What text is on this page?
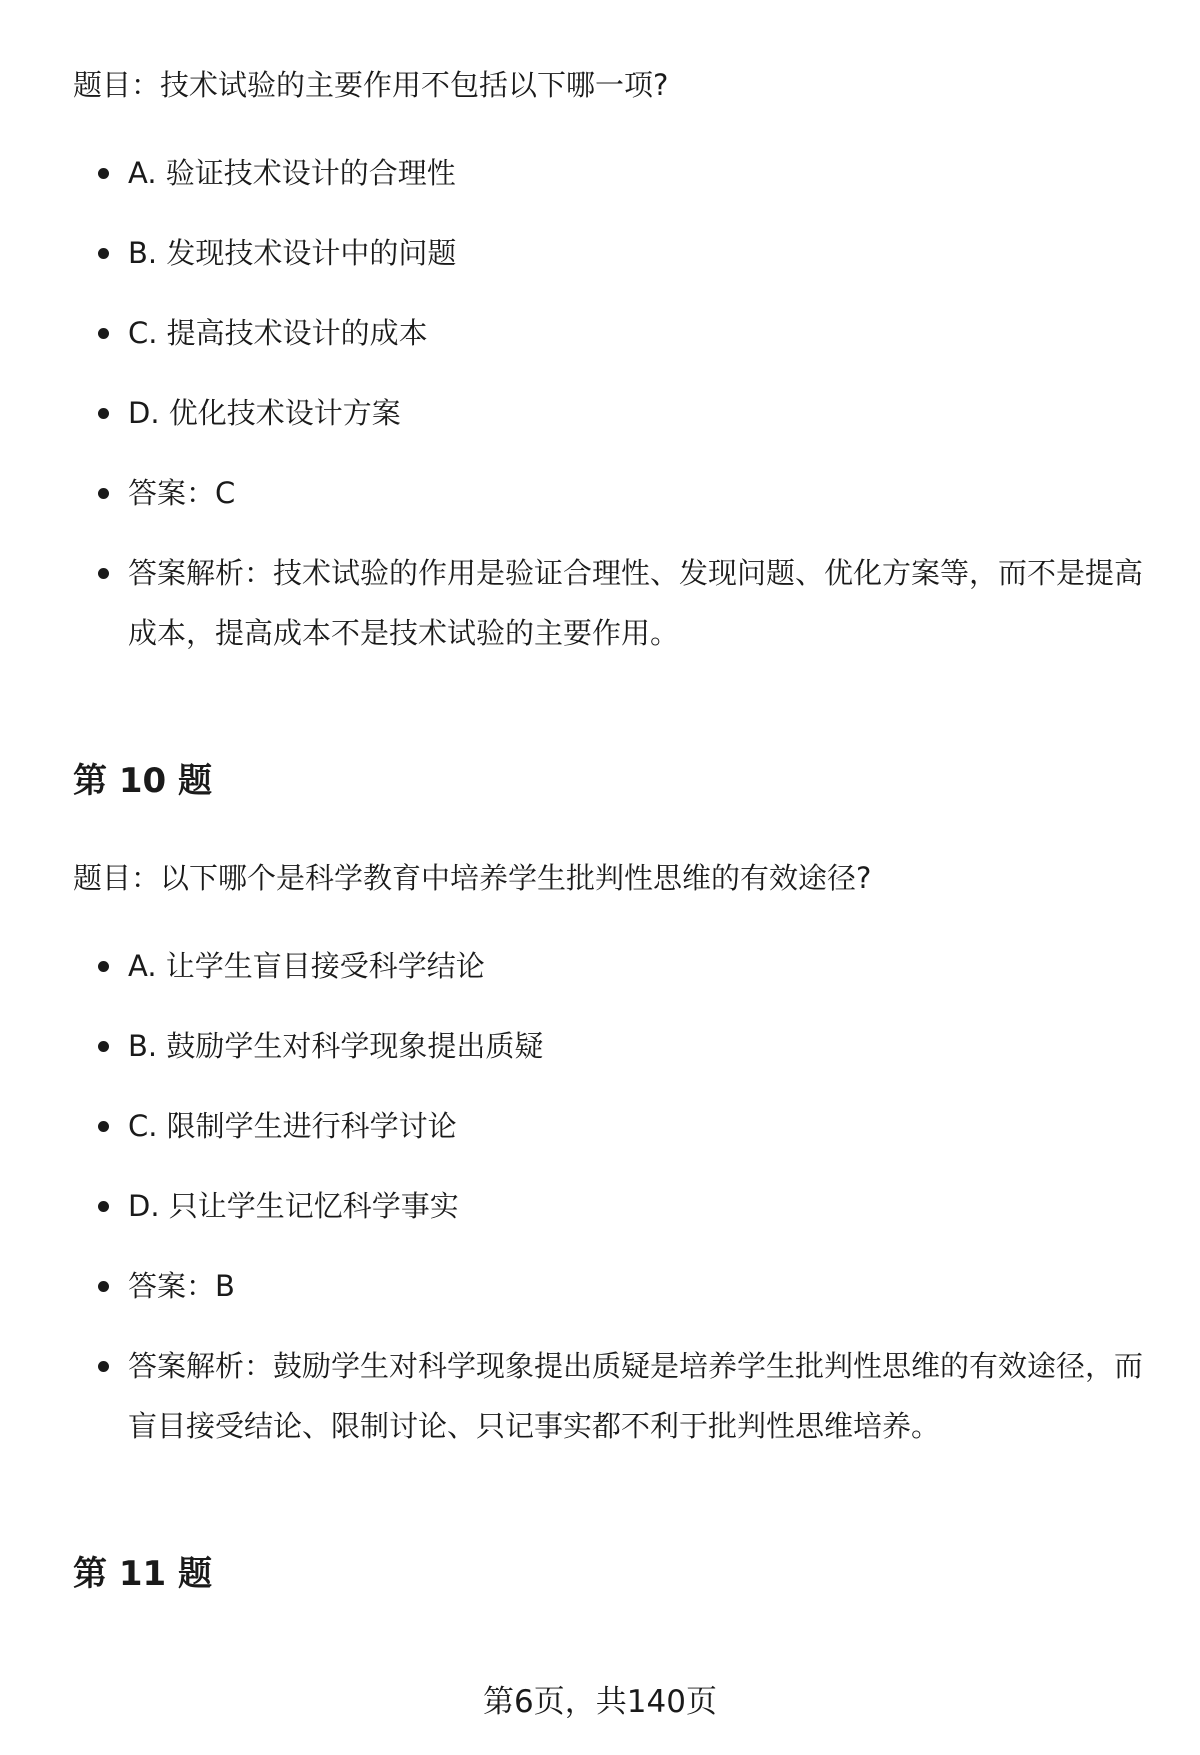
题目：技术试验的主要作用不包括以下哪一项?

A. 验证技术设计的合理性

B. 发现技术设计中的问题

C. 提高技术设计的成本

D. 优化技术设计方案

答案：C

答案解析：技术试验的作用是验证合理性、发现问题、优化方案等，而不是提高成本，提高成本不是技术试验的主要作用。

第 10 题

题目：以下哪个是科学教育中培养学生批判性思维的有效途径?

A. 让学生盲目接受科学结论

B. 鼓励学生对科学现象提出质疑

C. 限制学生进行科学讨论

D. 只让学生记忆科学事实

答案：B

答案解析：鼓励学生对科学现象提出质疑是培养学生批判性思维的有效途径，而盲目接受结论、限制讨论、只记事实都不利于批判性思维培养。

第 11 题

第6页，共140页
